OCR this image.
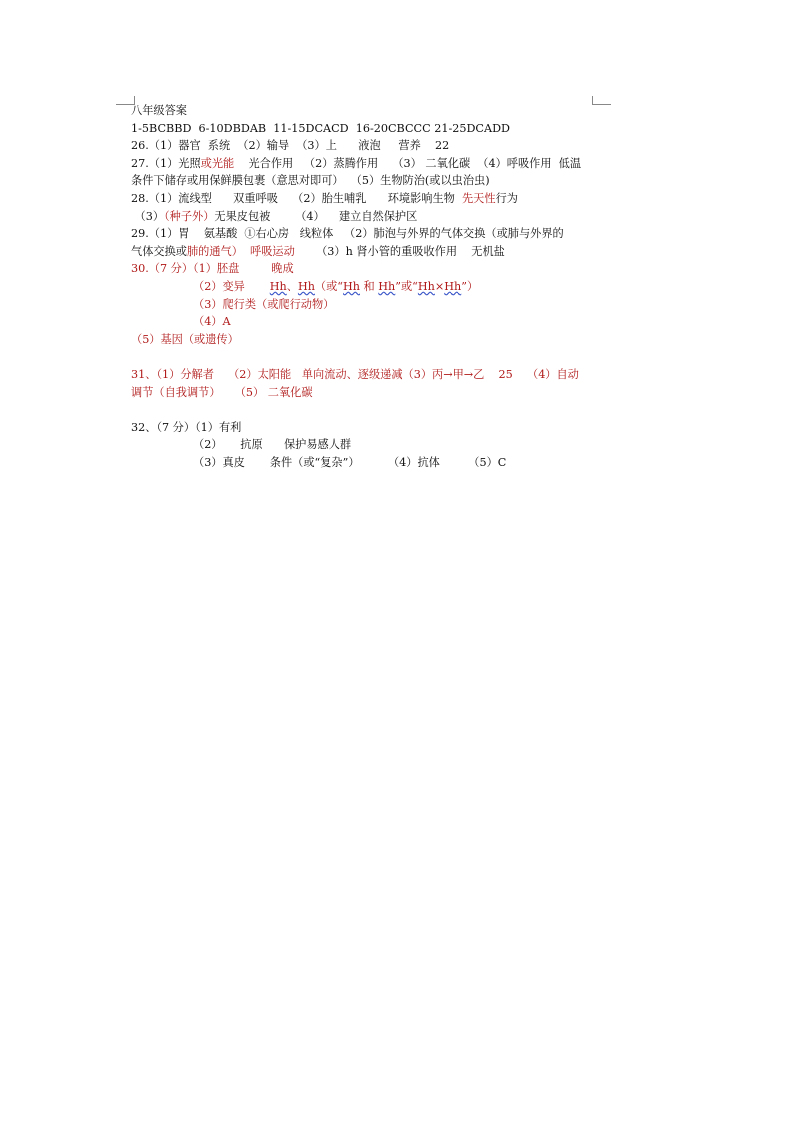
八年级答案
1-5BCBBD  6-10DBDAB  11-15DCACD  16-20CBCCC 21-25DCADD
26.（1）器官  系统  （2）输导  （3）上      液泡     营养    22
27.（1）光照或光能    光合作用   （2）蒸腾作用    （3） 二氧化碳  （4）呼吸作用  低温
条件下储存或用保鲜膜包裹（意思对即可）  （5）生物防治(或以虫治虫)
28.（1）流线型      双重呼吸    （2）胎生哺乳      环境影响生物  先天性行为
（3）（种子外）无果皮包被       （4）    建立自然保护区
29.（1）胃    氨基酸  ①右心房   线粒体   （2）肺泡与外界的气体交换（或肺与外界的
气体交换或肺的通气）  呼吸运动      （3）h 肾小管的重吸收作用    无机盐
30.（7 分）（1）胚盘         晚成
（2）变异       Hh、Hh（或“Hh 和 Hh”或“Hh×Hh”）
（3）爬行类（或爬行动物）
（4）A
（5）基因（或遗传）
31、（1）分解者    （2）太阳能   单向流动、逐级递减（3）丙→甲→乙    25    （4）自动
调节（自我调节）    （5） 二氧化碳
32、（7 分）（1）有利
（2）     抗原      保护易感人群
（3）真皮       条件（或“复杂”）        （4）抗体        （5）C
